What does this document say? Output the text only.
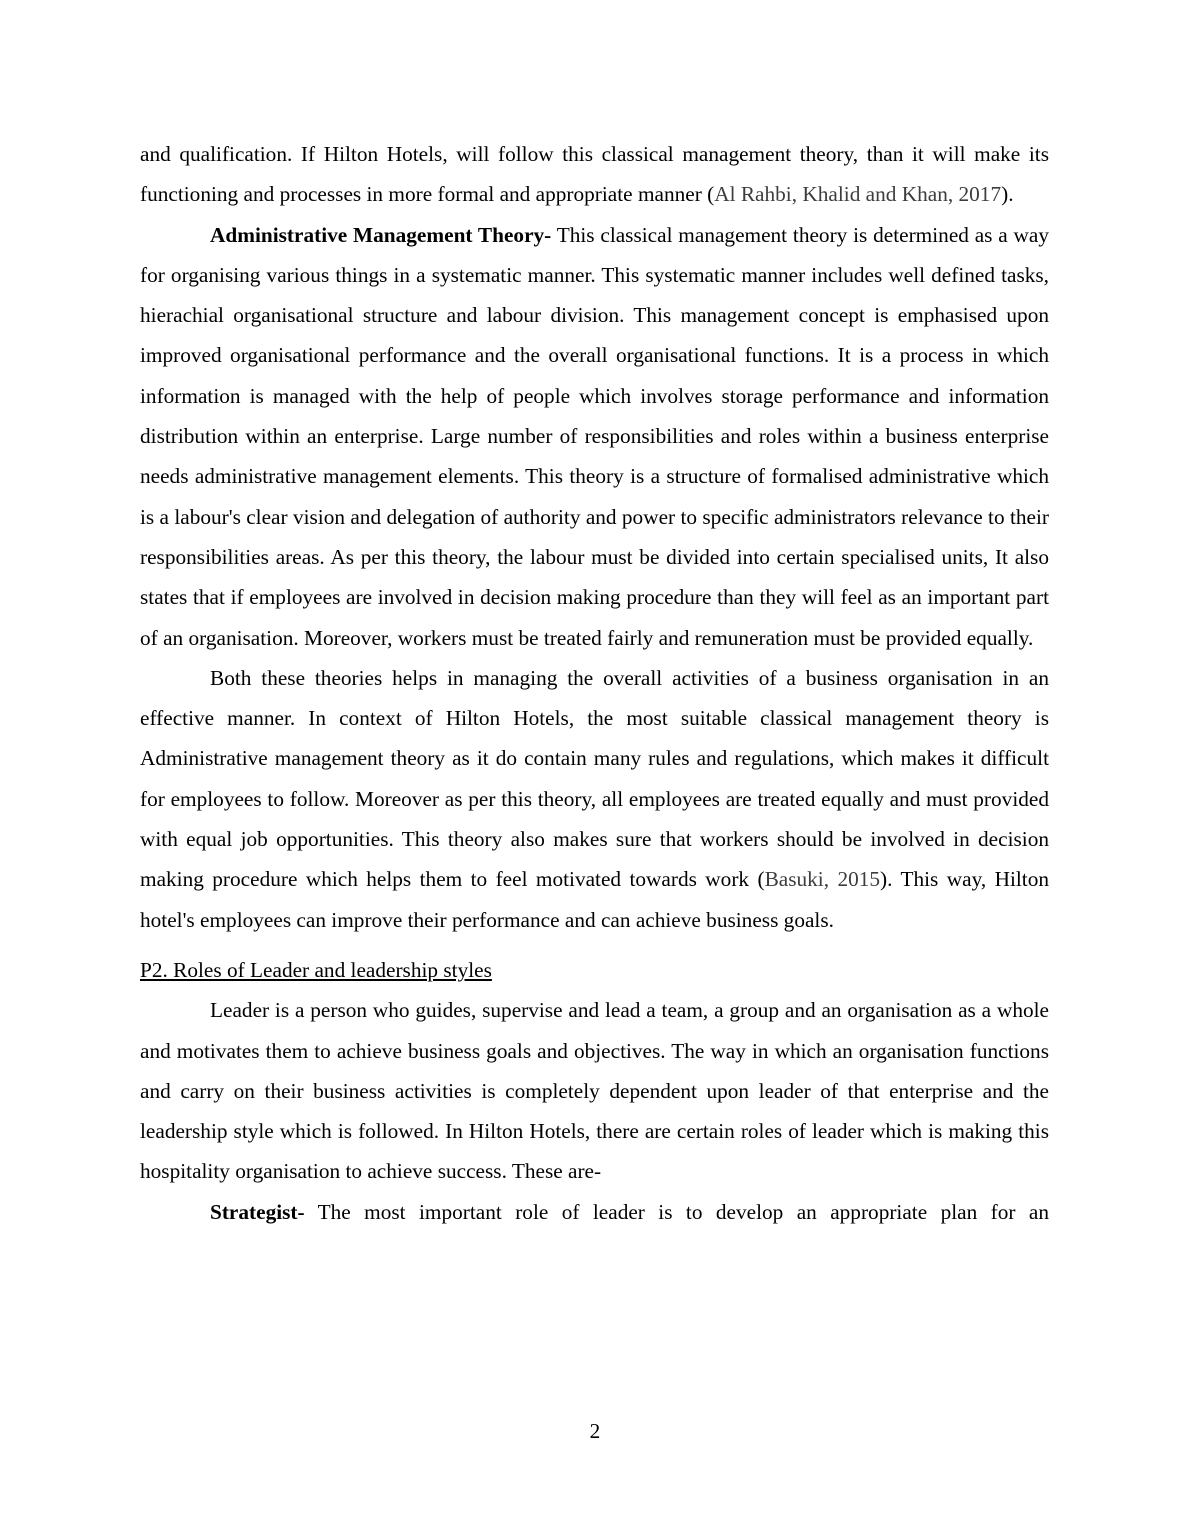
and qualification. If Hilton Hotels, will follow this classical management theory, than it will make its functioning and processes in more formal and appropriate manner (Al Rahbi, Khalid and Khan, 2017).

Administrative Management Theory- This classical management theory is determined as a way for organising various things in a systematic manner. This systematic manner includes well defined tasks, hierachial organisational structure and labour division. This management concept is emphasised upon improved organisational performance and the overall organisational functions. It is a process in which information is managed with the help of people which involves storage performance and information distribution within an enterprise. Large number of responsibilities and roles within a business enterprise needs administrative management elements. This theory is a structure of formalised administrative which is a labour's clear vision and delegation of authority and power to specific administrators relevance to their responsibilities areas. As per this theory, the labour must be divided into certain specialised units, It also states that if employees are involved in decision making procedure than they will feel as an important part of an organisation. Moreover, workers must be treated fairly and remuneration must be provided equally.

Both these theories helps in managing the overall activities of a business organisation in an effective manner. In context of Hilton Hotels, the most suitable classical management theory is Administrative management theory as it do contain many rules and regulations, which makes it difficult for employees to follow. Moreover as per this theory, all employees are treated equally and must provided with equal job opportunities. This theory also makes sure that workers should be involved in decision making procedure which helps them to feel motivated towards work (Basuki, 2015). This way, Hilton hotel's employees can improve their performance and can achieve business goals.

P2. Roles of Leader and leadership styles

Leader is a person who guides, supervise and lead a team, a group and an organisation as a whole and motivates them to achieve business goals and objectives. The way in which an organisation functions and carry on their business activities is completely dependent upon leader of that enterprise and the leadership style which is followed. In Hilton Hotels, there are certain roles of leader which is making this hospitality organisation to achieve success. These are-

Strategist- The most important role of leader is to develop an appropriate plan for an

2
